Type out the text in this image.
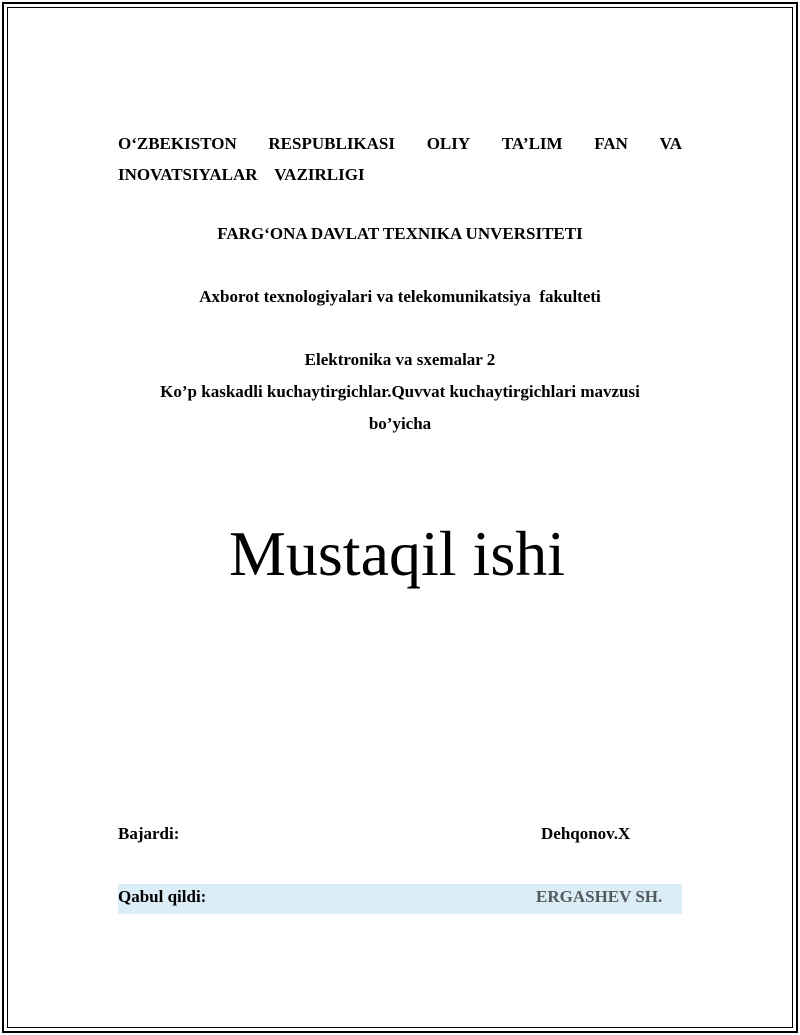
O‘ZBEKISTON RESPUBLIKASI OLIY TA’LIM FAN VA
INOVATSIYALAR    VAZIRLIGI
FARG‘ONA DAVLAT TEXNIKA UNVERSITETI
Axborot texnologiyalari va telekomunikatsiya  fakulteti
Elektronika va sxemalar 2
Ko’p kaskadli kuchaytirgichlar.Quvvat kuchaytirgichlari mavzusi
bo’yicha
Mustaqil ishi
Bajardi:	Dehqonov.X
Qabul qildi:	ERGASHEV SH.
